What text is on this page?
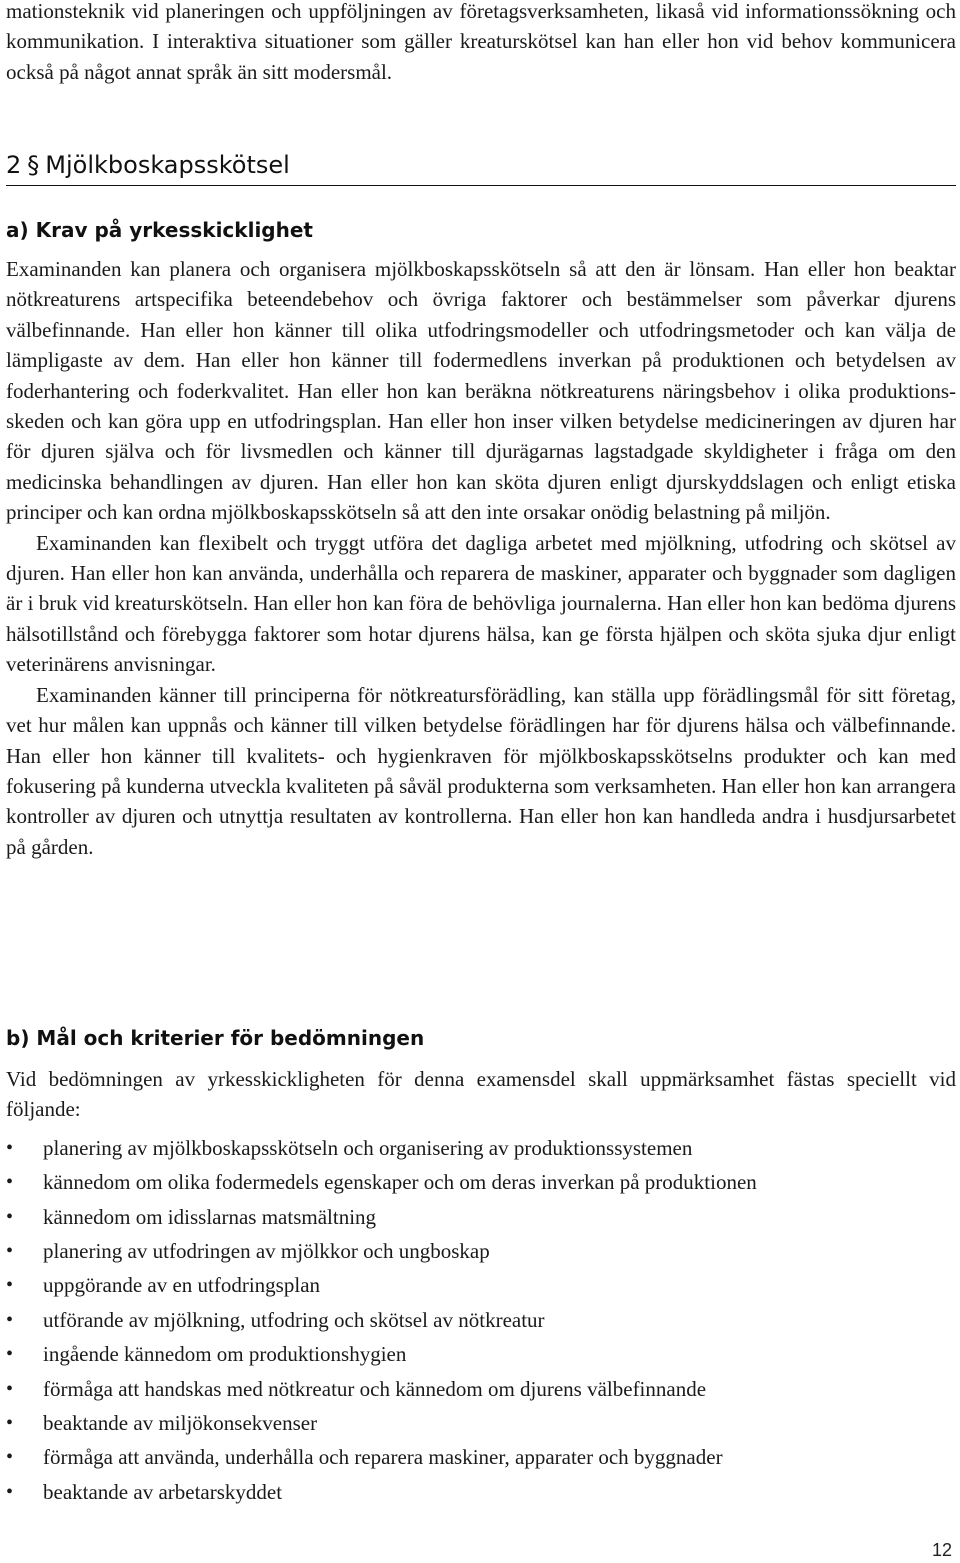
mationsteknik vid planeringen och uppföljningen av företagsverksamheten, likaså vid informationssökning och kommunikation. I interaktiva situationer som gäller kreaturskötsel kan han eller hon vid behov kommunicera också på något annat språk än sitt modersmål.

2 § Mjölkboskapsskötsel
a) Krav på yrkesskicklighet

Examinanden kan planera och organisera mjölkboskapsskötseln så att den är lönsam. Han eller hon beaktar nötkreaturens artspecifika beteendebehov och övriga faktorer och bestämmelser som påverkar djurens välbefinnande. Han eller hon känner till olika utfodringsmodeller och utfodringsmetoder och kan välja de lämpligaste av dem. Han eller hon känner till fodermedlens inverkan på produktionen och betydelsen av foderhantering och foderkvalitet. Han eller hon kan beräkna nötkreaturens näringsbehov i olika produktionsskeden och kan göra upp en utfodringsplan. Han eller hon inser vilken betydelse medicineringen av djuren har för djuren själva och för livsmedlen och känner till djurägarnas lagstadgade skyldigheter i fråga om den medicinska behandlingen av djuren. Han eller hon kan sköta djuren enligt djurskyddslagen och enligt etiska principer och kan ordna mjölkboskapsskötseln så att den inte orsakar onödig belastning på miljön.

Examinanden kan flexibelt och tryggt utföra det dagliga arbetet med mjölkning, utfodring och skötsel av djuren. Han eller hon kan använda, underhålla och reparera de maskiner, apparater och byggnader som dagligen är i bruk vid kreaturskötseln. Han eller hon kan föra de behövliga journalerna. Han eller hon kan bedöma djurens hälsotillstånd och förebygga faktorer som hotar djurens hälsa, kan ge första hjälpen och sköta sjuka djur enligt veterinärens anvisningar.

Examinanden känner till principerna för nötkreatursförädling, kan ställa upp förädlingsmål för sitt företag, vet hur målen kan uppnås och känner till vilken betydelse förädlingen har för djurens hälsa och välbefinnande. Han eller hon känner till kvalitets- och hygienkraven för mjölkboskapsskötselns produkter och kan med fokusering på kunderna utveckla kvaliteten på såväl produkterna som verksamheten. Han eller hon kan arrangera kontroller av djuren och utnyttja resultaten av kontrollerna. Han eller hon kan handleda andra i husdjursarbetet på gården.

b) Mål och kriterier för bedömningen

Vid bedömningen av yrkesskickligheten för denna examensdel skall uppmärksamhet fästas speciellt vid följande:

• planering av mjölkboskapsskötseln och organisering av produktionssystemen
• kännedom om olika fodermedels egenskaper och om deras inverkan på produktionen
• kännedom om idisslarnas matsmältning
• planering av utfodringen av mjölkkor och ungboskap
• uppgörande av en utfodringsplan
• utförande av mjölkning, utfodring och skötsel av nötkreatur
• ingående kännedom om produktionshygien
• förmåga att handskas med nötkreatur och kännedom om djurens välbefinnande
• beaktande av miljökonsekvenser
• förmåga att använda, underhålla och reparera maskiner, apparater och byggnader
• beaktande av arbetarskyddet
12
